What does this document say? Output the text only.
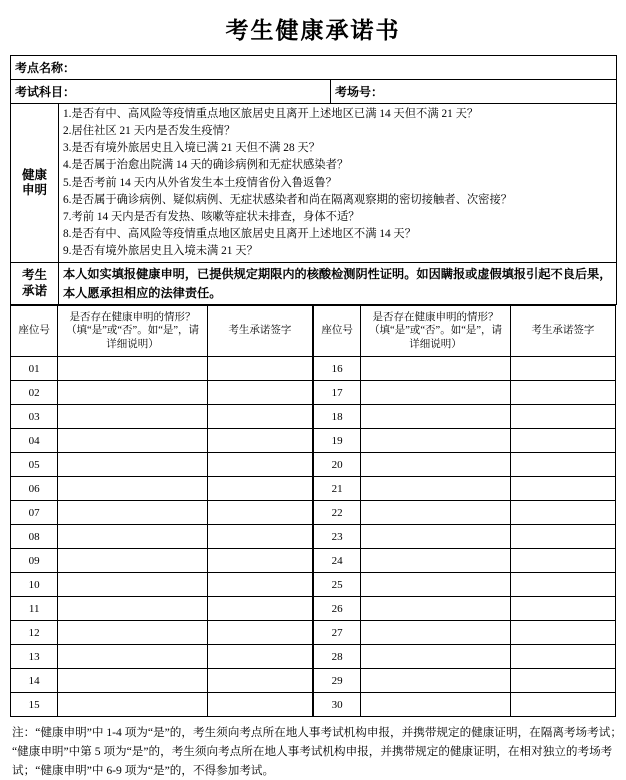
考生健康承诺书
考点名称：		
考试科目：		考场号：

健康
申明

1.是否有中、高风险等疫情重点地区旅居史且离开上述地区已满 14 天但不满 21 天？
2.居住社区 21 天内是否发生疫情？
3.是否有境外旅居史且入境已满 21 天但不满 28 天？
4.是否属于治愈出院满 14 天的确诊病例和无症状感染者？
5.是否考前 14 天内从外省发生本土疫情省份入鲁返鲁？
6.是否属于确诊病例、疑似病例、无症状感染者和尚在隔离观察期的密切接触者、次密接？
7.考前 14 天内是否有发热、咳嗽等症状未排查，身体不适？
8.是否有中、高风险等疫情重点地区旅居史且离开上述地区不满 14 天？
9.是否有境外旅居史且入境未满 21 天？

考生
承诺	本人如实填报健康申明，已提供规定期限内的核酸检测阴性证明。如因瞒报或虚假填报引起不良后果，本人愿承担相应的法律责任。	
座位号	是否存在健康申明的情形？（填“是”或“否”。如“是”，请详细说明）	考生承诺签字
01		
02		
03		
04		
05		
06		
07		
08		
09		
10		
11		
12		
13		
14		
15		
座位号	是否存在健康申明的情形？（填“是”或“否”。如“是”，请详细说明）	考生承诺签字
16		
17		
18		
19		
20		
21		
22		
23		
24		
25		
26		
27		
28		
29		
30		
注：“健康申明”中 1-4 项为“是”的，考生须向考点所在地人事考试机构申报，并携带规定的健康证明，在隔离考场考试；
“健康申明”中第 5 项为“是”的，考生须向考点所在地人事考试机构申报，并携带规定的健康证明，在相对独立的考场考
试；“健康申明”中 6-9 项为“是”的，不得参加考试。
